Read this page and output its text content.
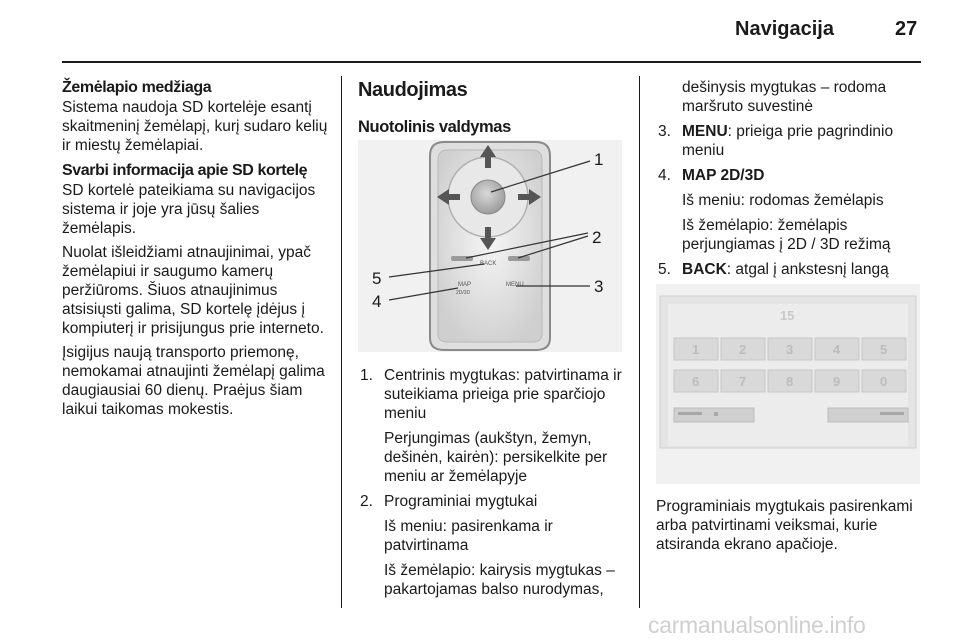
Navigacija	27
Žemėlapio medžiaga

Sistema naudoja SD kortelėje esantį skaitmeninį žemėlapį, kurį sudaro kelių ir miestų žemėlapiai.

Svarbi informacija apie SD kortelę

SD kortelė pateikiama su navigacijos sistema ir joje yra jūsų šalies žemėlapis.

Nuolat išleidžiami atnaujinimai, ypač žemėlapiui ir saugumo kamerų peržiūroms. Šiuos atnaujinimus atsisiųsti galima, SD kortelę įdėjus į kompiuterį ir prisijungus prie interneto.

Įsigijus naują transporto priemonę, nemokamai atnaujinti žemėlapį galima daugiausiai 60 dienų. Praėjus šiam laikui taikomas mokestis.

Naudojimas
Nuotolinis valdymas
BACK
MAP
2D/3D
MENU
1
2
5	3
4
1. Centrinis mygtukas: patvirtinama ir suteikiama prieiga prie sparčiojo meniu
Perjungimas (aukštyn, žemyn, dešinėn, kairėn): persikelkite per meniu ar žemėlapyje
2. Programiniai mygtukai
Iš meniu: pasirenkama ir patvirtinama
Iš žemėlapio: kairysis mygtukas – pakartojamas balso nurodymas,
dešinysis mygtukas – rodoma maršruto suvestinė
3. MENU: prieiga prie pagrindinio meniu
4. MAP 2D/3D
Iš meniu: rodomas žemėlapis
Iš žemėlapio: žemėlapis perjungiamas į 2D / 3D režimą
5. BACK: atgal į ankstesnį langą
15
1	2	3	4	5
6	7	8	9	0

Programiniais mygtukais pasirenkami arba patvirtinami veiksmai, kurie atsiranda ekrano apačioje.

carmanualsonline.info
